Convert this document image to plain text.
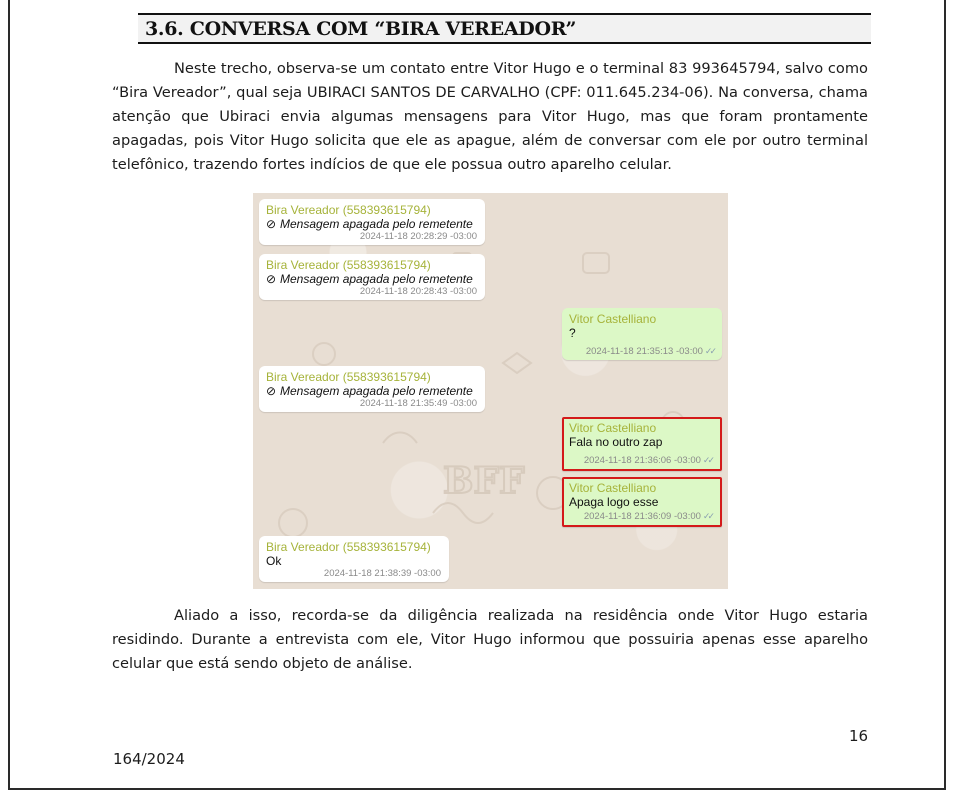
3.6. CONVERSA COM “BIRA VEREADOR”

Neste trecho, observa-se um contato entre Vitor Hugo e o terminal 83 993645794, salvo como “Bira Vereador”, qual seja UBIRACI SANTOS DE CARVALHO (CPF: 011.645.234-06). Na conversa, chama atenção que Ubiraci envia algumas mensagens para Vitor Hugo, mas que foram prontamente apagadas, pois Vitor Hugo solicita que ele as apague, além de conversar com ele por outro terminal telefônico, trazendo fortes indícios de que ele possua outro aparelho celular.

BFF
Bira Vereador (558393615794)
⊘ Mensagem apagada pelo remetente
2024-11-18 20:28:29 -03:00
Bira Vereador (558393615794)
⊘ Mensagem apagada pelo remetente
2024-11-18 20:28:43 -03:00
Vitor Castelliano
?
2024-11-18 21:35:13 -03:00 ✓✓
Bira Vereador (558393615794)
⊘ Mensagem apagada pelo remetente
2024-11-18 21:35:49 -03:00
Vitor Castelliano
Fala no outro zap
2024-11-18 21:36:06 -03:00 ✓✓
Vitor Castelliano
Apaga logo esse
2024-11-18 21:36:09 -03:00 ✓✓
Bira Vereador (558393615794)
Ok
2024-11-18 21:38:39 -03:00

Aliado a isso, recorda-se da diligência realizada na residência onde Vitor Hugo estaria residindo. Durante a entrevista com ele, Vitor Hugo informou que possuiria apenas esse aparelho celular que está sendo objeto de análise.

16
164/2024
